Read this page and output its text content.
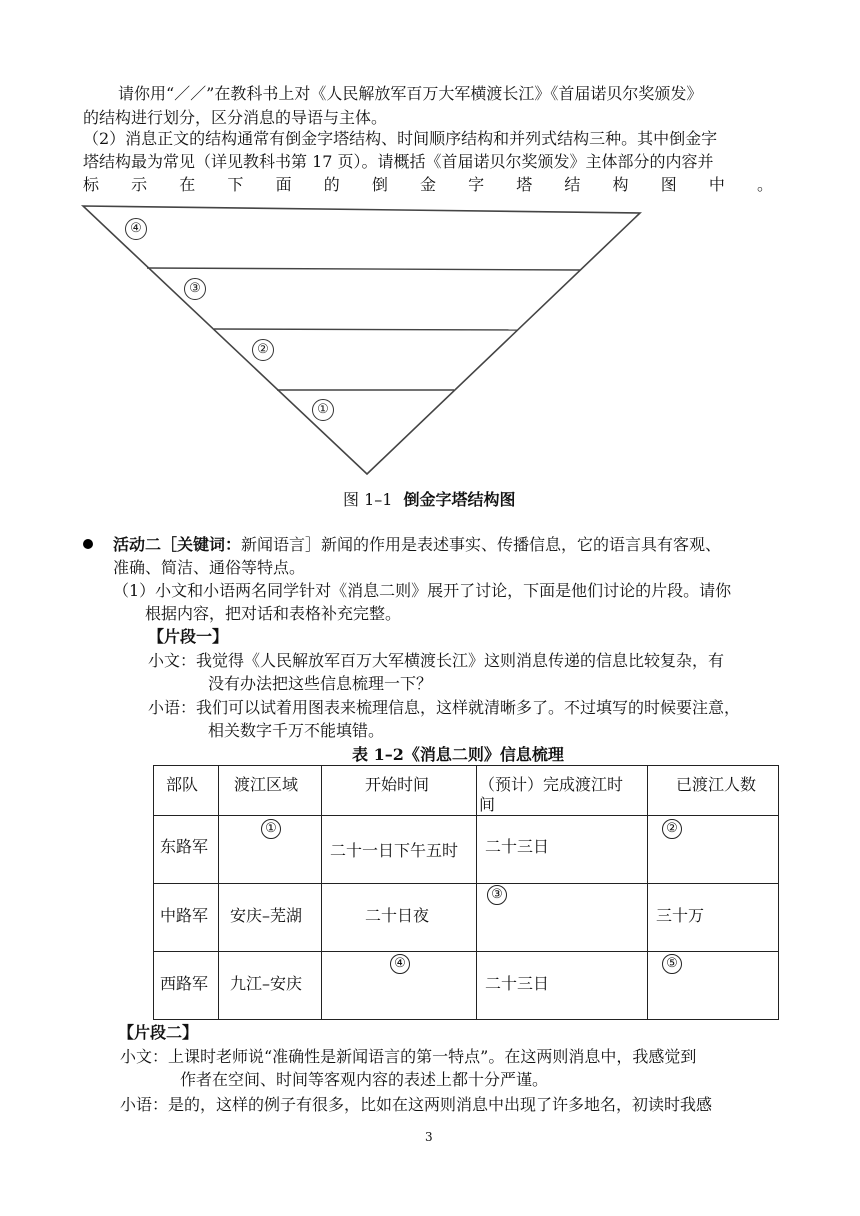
请你用“／／”在教科书上对《人民解放军百万大军横渡长江》《首届诺贝尔奖颁发》
的结构进行划分，区分消息的导语与主体。
（2）消息正文的结构通常有倒金字塔结构、时间顺序结构和并列式结构三种。其中倒金字
塔结构最为常见（详见教科书第 17 页）。请概括《首届诺贝尔奖颁发》主体部分的内容并
标 示 在 下 面 的 倒 金 字 塔 结 构 图 中 。
④
③
②
①
图 1–1 倒金字塔结构图
活动二［关键词：新闻语言］新闻的作用是表述事实、传播信息，它的语言具有客观、
准确、简洁、通俗等特点。
（1）小文和小语两名同学针对《消息二则》展开了讨论，下面是他们讨论的片段。请你
根据内容，把对话和表格补充完整。
【片段一】
小文：我觉得《人民解放军百万大军横渡长江》这则消息传递的信息比较复杂，有
没有办法把这些信息梳理一下？
小语：我们可以试着用图表来梳理信息，这样就清晰多了。不过填写的时候要注意，
相关数字千万不能填错。
表 1–2《消息二则》信息梳理
部队	渡江区域	开始时间	（预计）完成渡江时
间	已渡江人数

东路军	①	二十一日下午五时	二十三日	②

中路军	安庆–芜湖	二十日夜	③	三十万

西路军	九江–安庆	④	二十三日	⑤
【片段二】
小文：上课时老师说“准确性是新闻语言的第一特点”。在这两则消息中，我感觉到
作者在空间、时间等客观内容的表述上都十分严谨。
小语：是的，这样的例子有很多，比如在这两则消息中出现了许多地名，初读时我感
3
